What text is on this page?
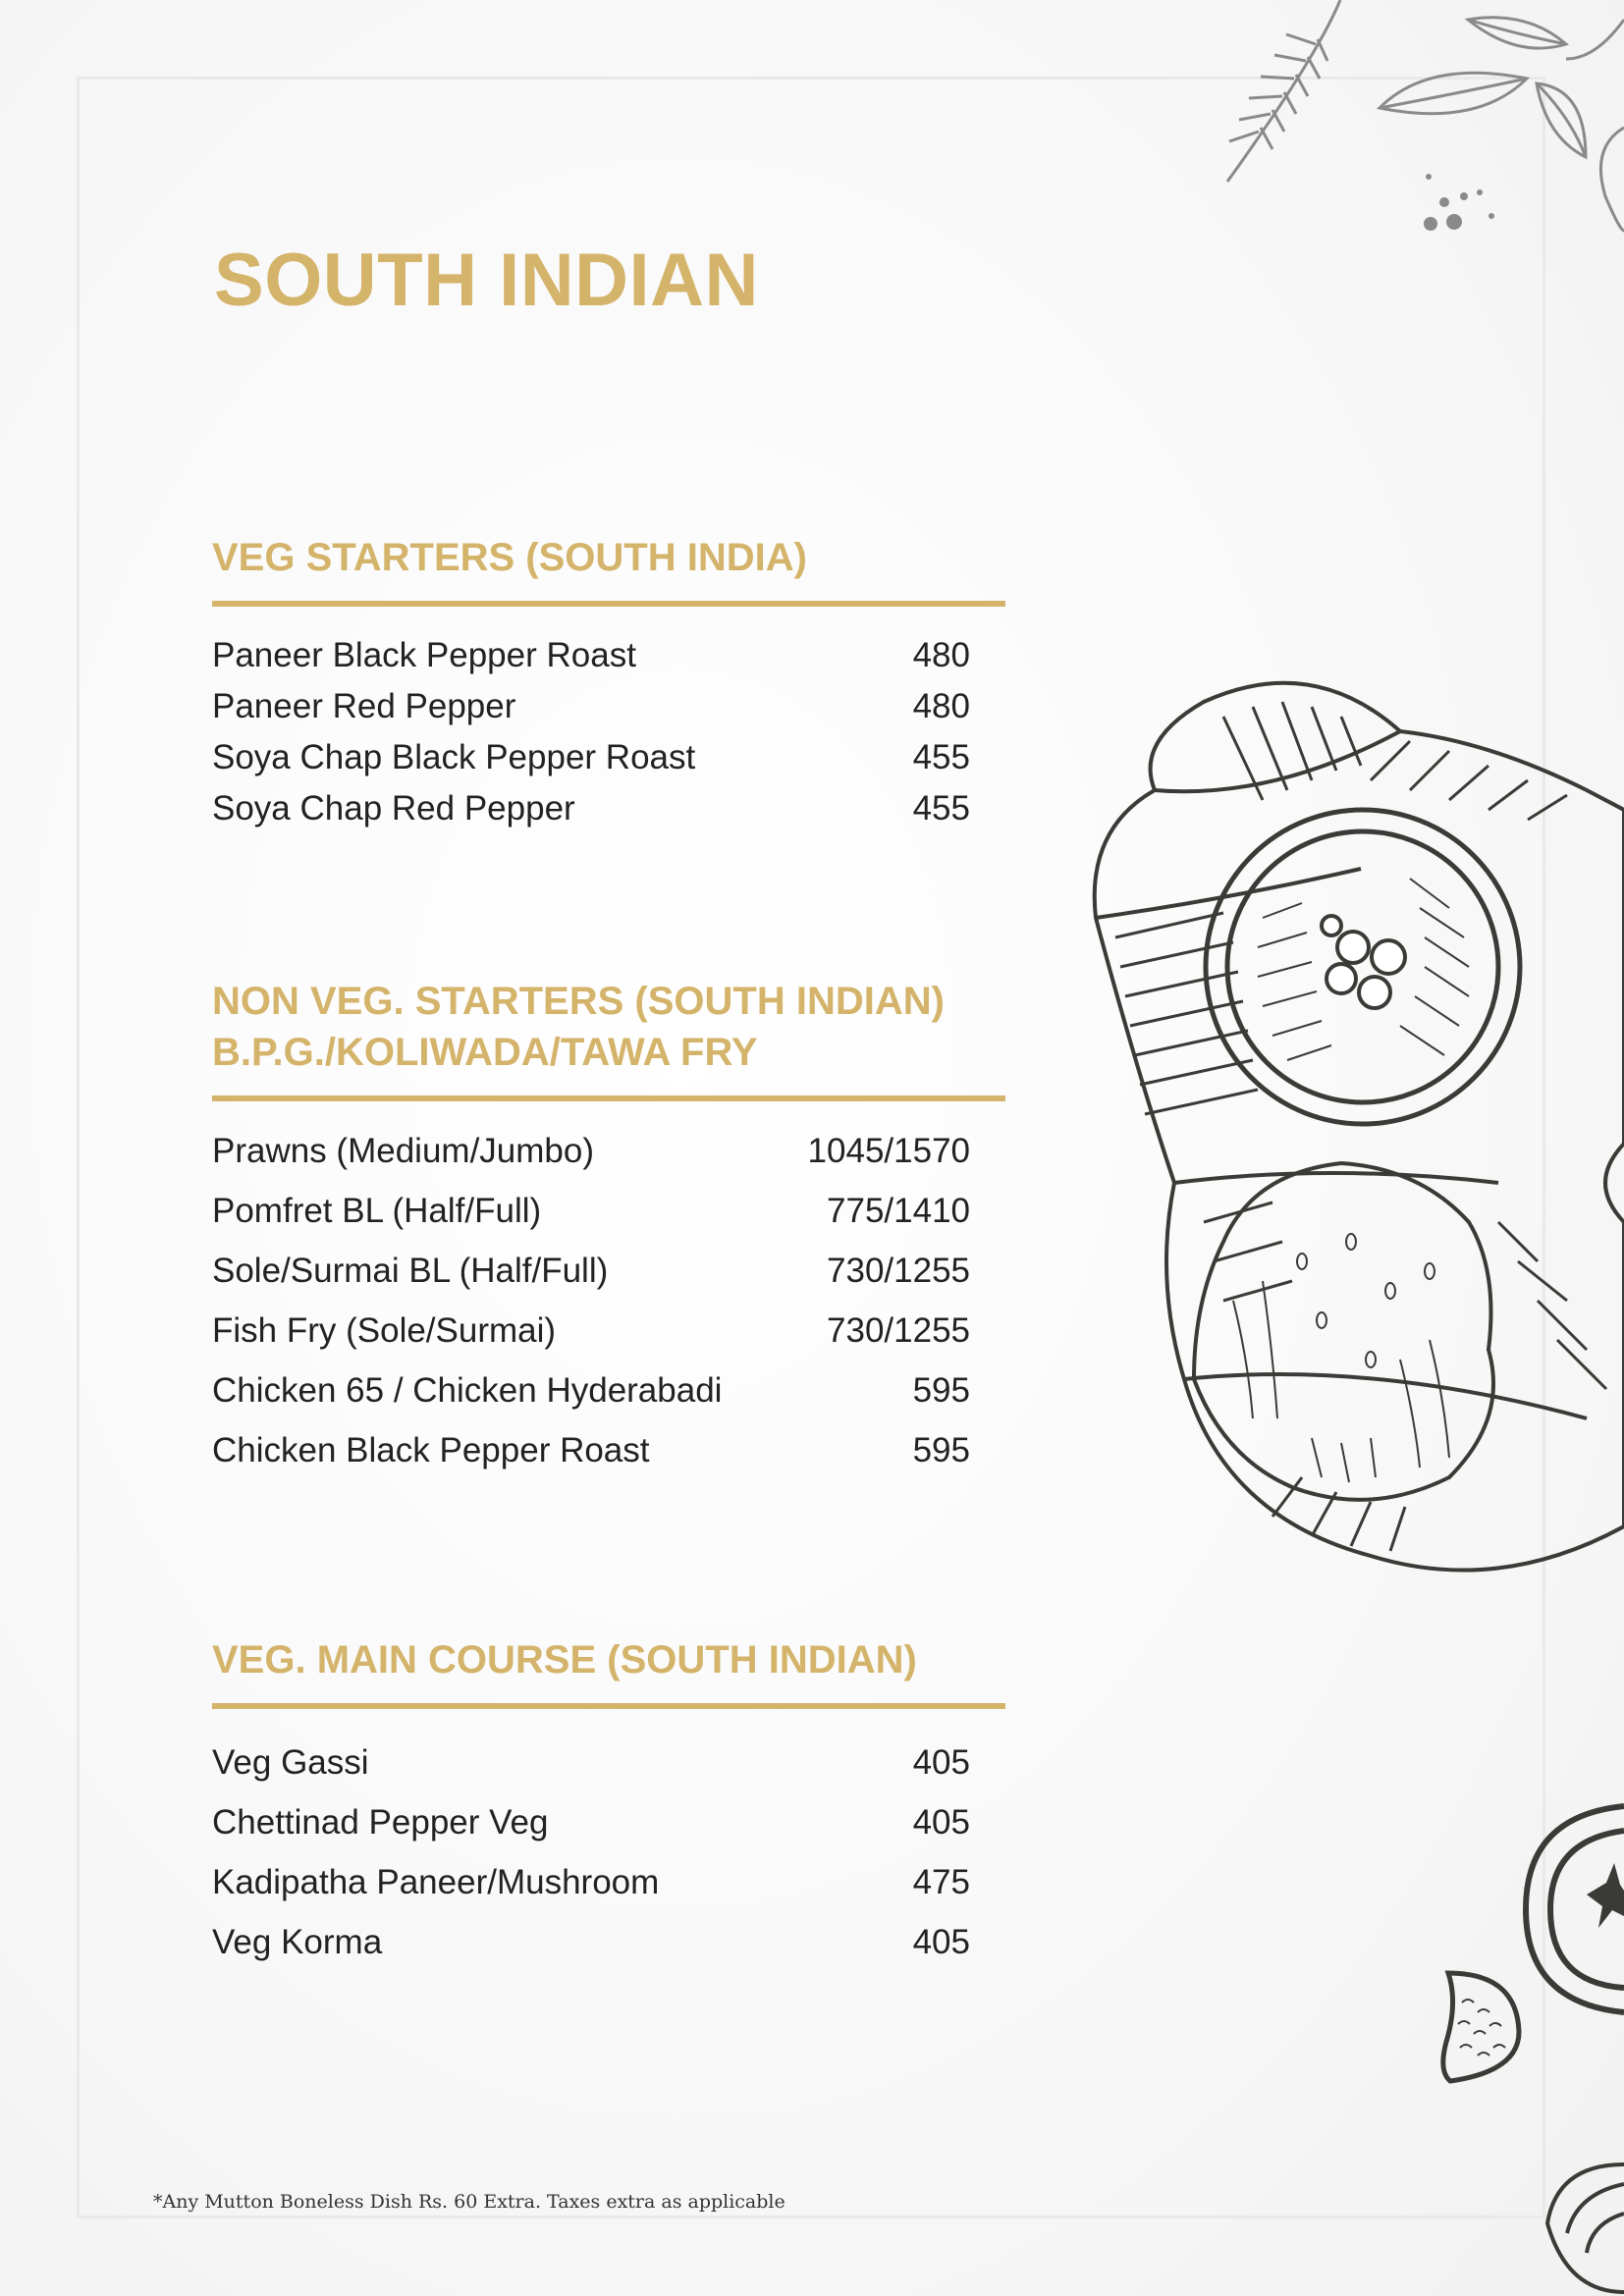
SOUTH INDIAN
VEG STARTERS (SOUTH INDIA)
Paneer Black Pepper Roast	480
Paneer Red Pepper	480
Soya Chap Black Pepper Roast	455
Soya Chap Red Pepper	455
NON VEG. STARTERS (SOUTH INDIAN)
B.P.G./KOLIWADA/TAWA FRY
Prawns (Medium/Jumbo)	1045/1570
Pomfret BL (Half/Full)	775/1410
Sole/Surmai BL (Half/Full)	730/1255
Fish Fry (Sole/Surmai)	730/1255
Chicken 65 / Chicken Hyderabadi	595
Chicken Black Pepper Roast	595
VEG. MAIN COURSE (SOUTH INDIAN)
Veg Gassi	405
Chettinad Pepper Veg	405
Kadipatha Paneer/Mushroom	475
Veg Korma	405

*Any Mutton Boneless Dish Rs. 60 Extra. Taxes extra as applicable
